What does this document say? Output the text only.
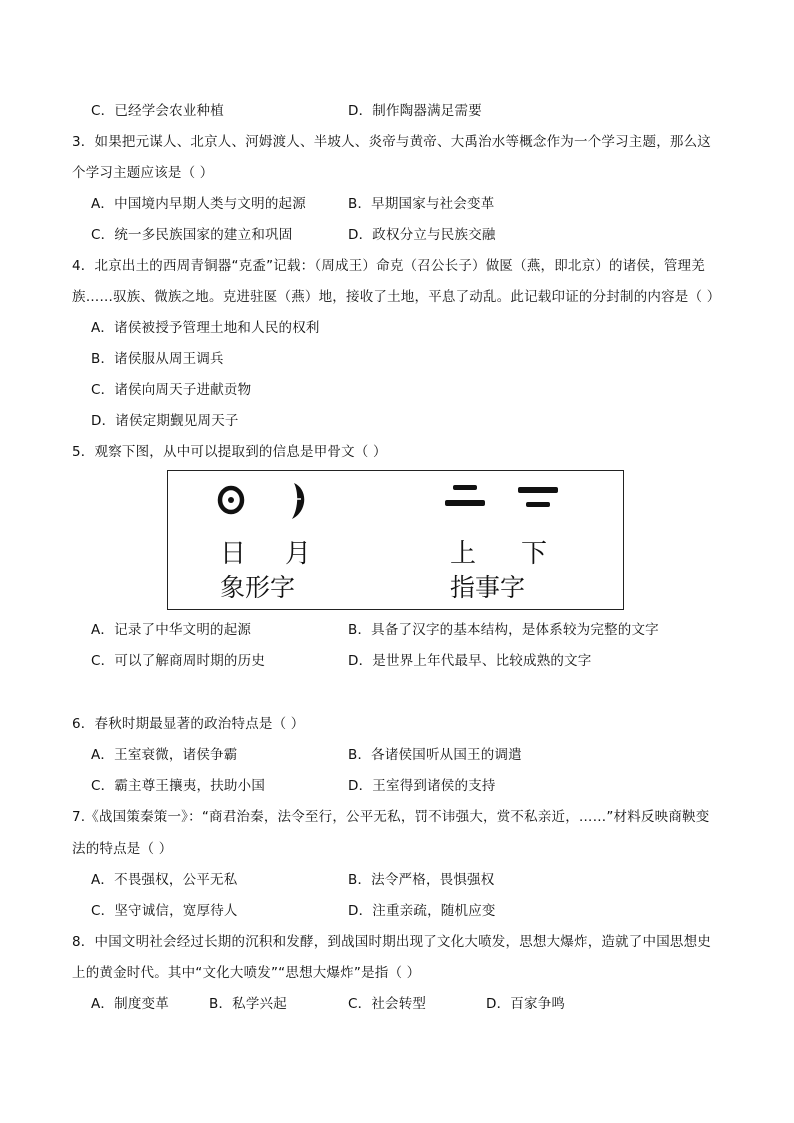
C．已经学会农业种植	D．制作陶器满足需要
3．如果把元谋人、北京人、河姆渡人、半坡人、炎帝与黄帝、大禹治水等概念作为一个学习主题，那么这
个学习主题应该是（ ）
A．中国境内早期人类与文明的起源	B．早期国家与社会变革
C．统一多民族国家的建立和巩固	D．政权分立与民族交融
4．北京出土的西周青铜器“克盉”记载：（周成王）命克（召公长子）做匽（燕，即北京）的诸侯，管理羌
族……驭族、微族之地。克进驻匽（燕）地，接收了土地，平息了动乱。此记载印证的分封制的内容是（ ）
A．诸侯被授予管理土地和人民的权利
B．诸侯服从周王调兵
C．诸侯向周天子进献贡物
D．诸侯定期觐见周天子
5．观察下图，从中可以提取到的信息是甲骨文（ ）
日 月	上 下
象形字	指事字
A．记录了中华文明的起源	B．具备了汉字的基本结构，是体系较为完整的文字
C．可以了解商周时期的历史	D．是世界上年代最早、比较成熟的文字
6．春秋时期最显著的政治特点是（ ）
A．王室衰微，诸侯争霸	B．各诸侯国听从国王的调遣
C．霸主尊王攘夷，扶助小国	D．王室得到诸侯的支持
7.《战国策秦策一》：“商君治秦，法令至行，公平无私，罚不讳强大，赏不私亲近，……”材料反映商鞅变
法的特点是（ ）
A．不畏强权，公平无私	B．法令严格，畏惧强权
C．坚守诚信，宽厚待人	D．注重亲疏，随机应变
8．中国文明社会经过长期的沉积和发酵，到战国时期出现了文化大喷发，思想大爆炸，造就了中国思想史
上的黄金时代。其中“文化大喷发”“思想大爆炸”是指（ ）
A．制度变革	B．私学兴起	C．社会转型	D．百家争鸣
